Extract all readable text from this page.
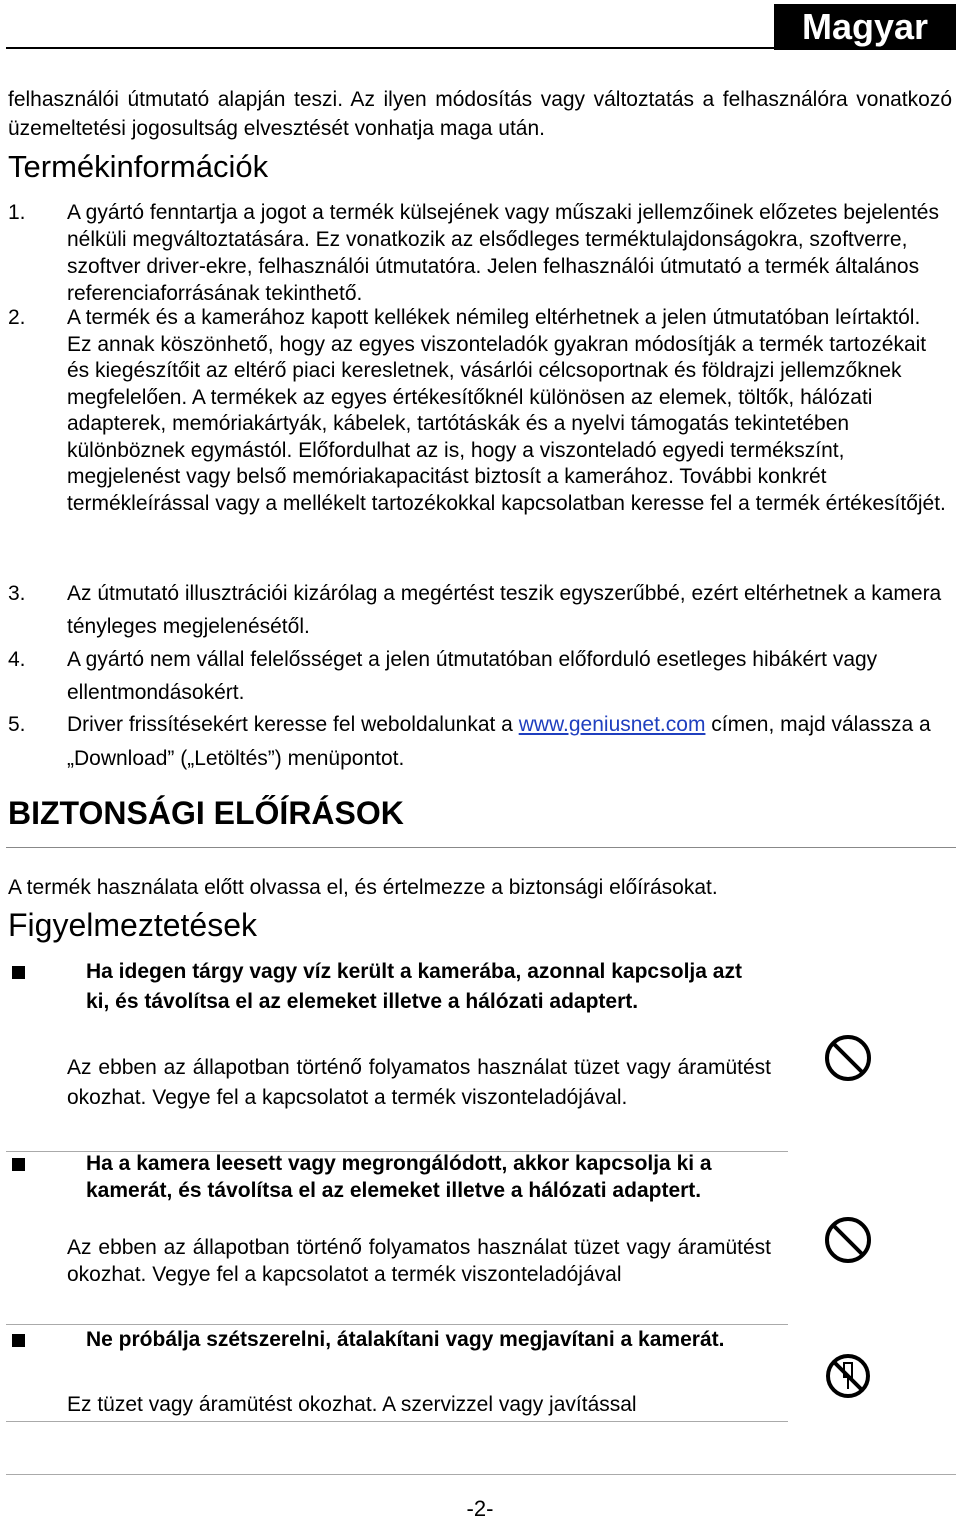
Magyar
felhasználói útmutató alapján teszi. Az ilyen módosítás vagy változtatás a felhasználóra vonatkozó üzemeltetési jogosultság elvesztését vonhatja maga után.
Termékinformációk
1. A gyártó fenntartja a jogot a termék külsejének vagy műszaki jellemzőinek előzetes bejelentés nélküli megváltoztatására. Ez vonatkozik az elsődleges terméktulajdonságokra, szoftverre, szoftver driver-ekre, felhasználói útmutatóra. Jelen felhasználói útmutató a termék általános referenciaforrásának tekinthető.
2. A termék és a kamerához kapott kellékek némileg eltérhetnek a jelen útmutatóban leírtaktól. Ez annak köszönhető, hogy az egyes viszonteladók gyakran módosítják a termék tartozékait és kiegészítőit az eltérő piaci keresletnek, vásárlói célcsoportnak és földrajzi jellemzőknek megfelelően. A termékek az egyes értékesítőknél különösen az elemek, töltők, hálózati adapterek, memóriakártyák, kábelek, tartótáskák és a nyelvi támogatás tekintetében különböznek egymástól. Előfordulhat az is, hogy a viszonteladó egyedi termékszínt, megjelenést vagy belső memóriakapacitást biztosít a kamerához. További konkrét termékleírással vagy a mellékelt tartozékokkal kapcsolatban keresse fel a termék értékesítőjét.
3. Az útmutató illusztrációi kizárólag a megértést teszik egyszerűbbé, ezért eltérhetnek a kamera tényleges megjelenésétől.
4. A gyártó nem vállal felelősséget a jelen útmutatóban előforduló esetleges hibákért vagy ellentmondásokért.
5. Driver frissítésekért keresse fel weboldalunkat a www.geniusnet.com címen, majd válassza a „Download” („Letöltés”) menüpontot.
BIZTONSÁGI ELŐÍRÁSOK
A termék használata előtt olvassa el, és értelmezze a biztonsági előírásokat.
Figyelmeztetések
Ha idegen tárgy vagy víz került a kamerába, azonnal kapcsolja azt ki, és távolítsa el az elemeket illetve a hálózati adaptert.
Az ebben az állapotban történő folyamatos használat tüzet vagy áramütést okozhat. Vegye fel a kapcsolatot a termék viszonteladójával.
Ha a kamera leesett vagy megrongálódott, akkor kapcsolja ki a kamerát, és távolítsa el az elemeket illetve a hálózati adaptert.
Az ebben az állapotban történő folyamatos használat tüzet vagy áramütést okozhat. Vegye fel a kapcsolatot a termék viszonteladójával
Ne próbálja szétszerelni, átalakítani vagy megjavítani a kamerát.
Ez tüzet vagy áramütést okozhat. A szervizzel vagy javítással
-2-
